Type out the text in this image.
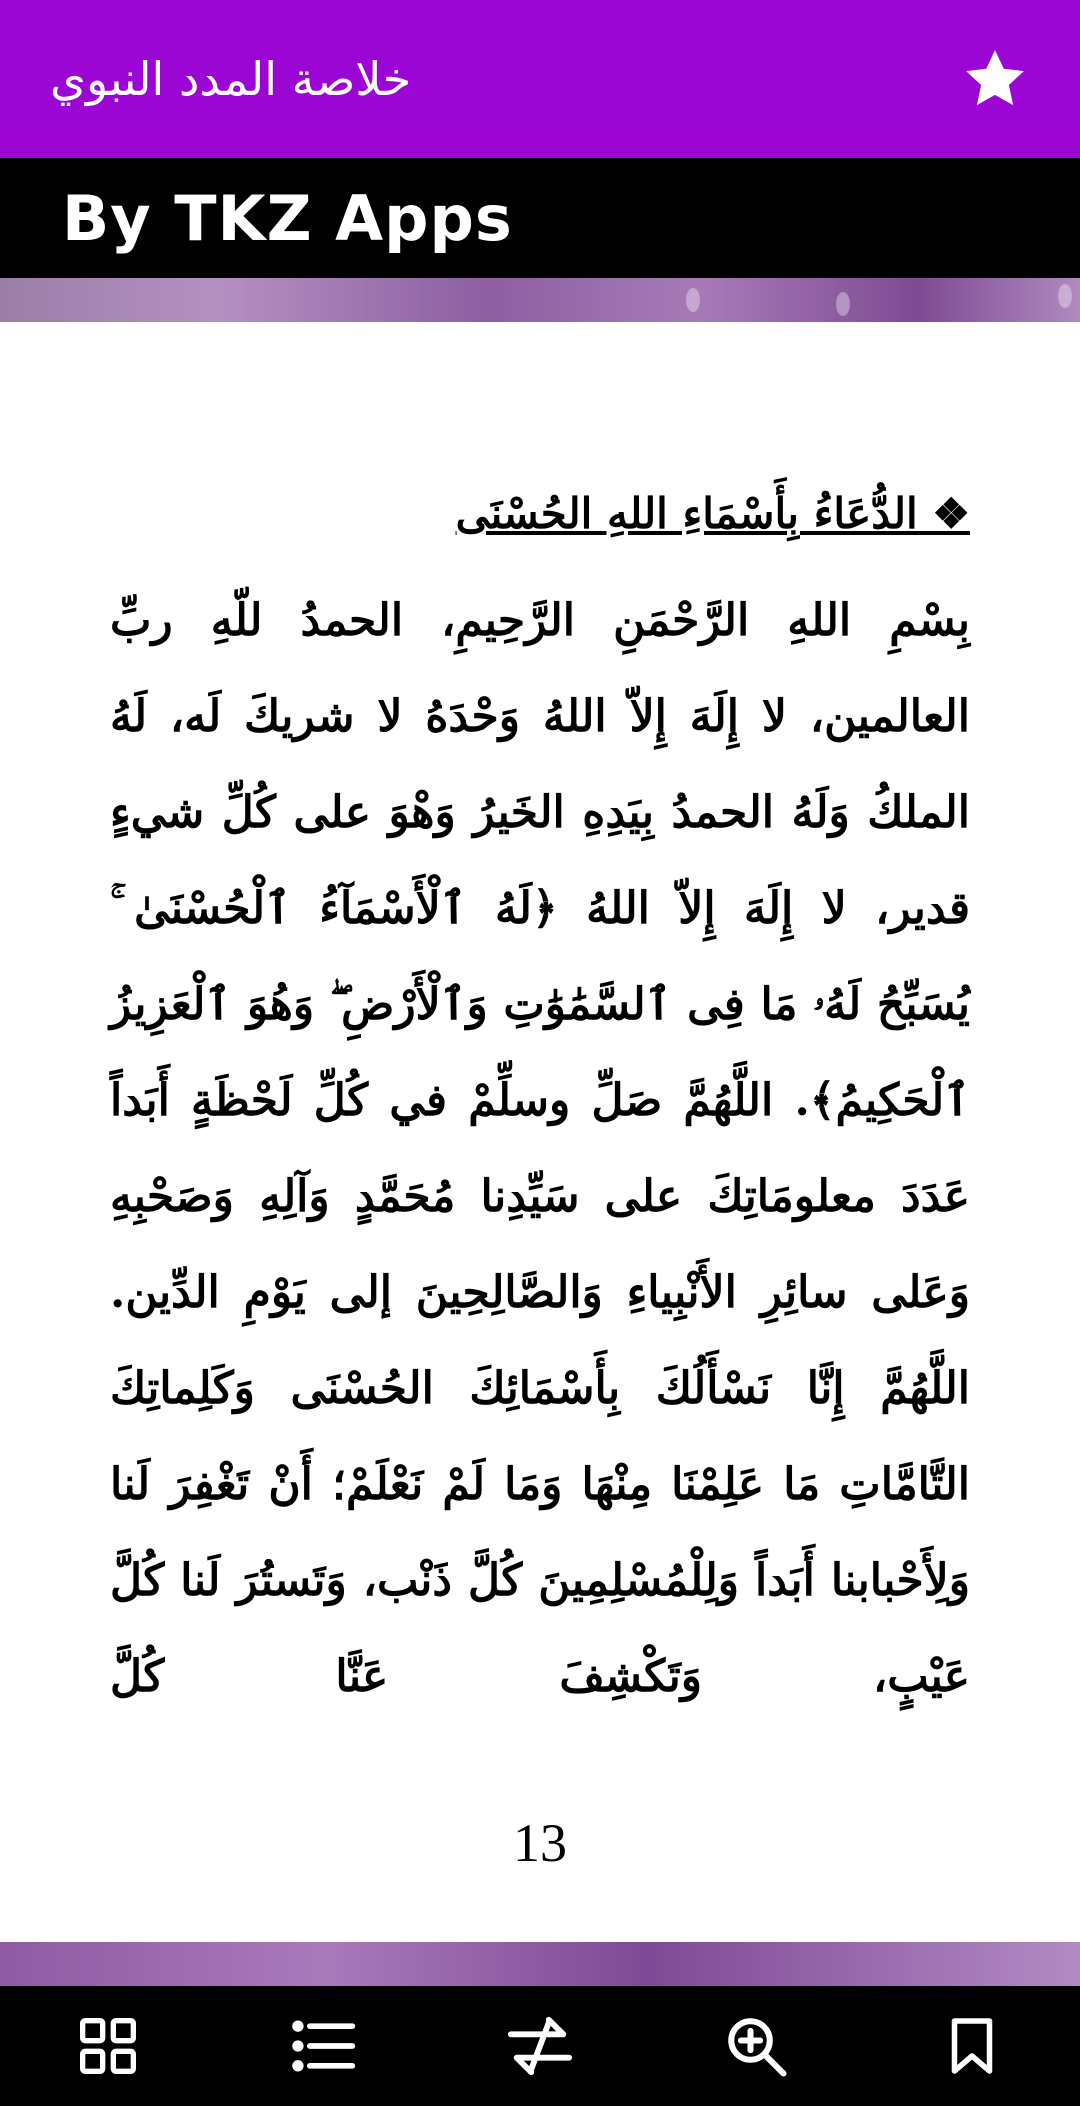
خلاصة المدد النبوي
By TKZ Apps
❖ الدُّعَاءُ بِأَسْمَاءِ اللهِ الحُسْنَى

بِسْمِ اللهِ الرَّحْمَنِ الرَّحِيمِ، الحمدُ للّهِ ربِّ العالمين، لا إِلَهَ إِلاّ اللهُ وَحْدَهُ لا شريكَ لَه، لَهُ الملكُ وَلَهُ الحمدُ بِيَدِهِ الخَيرُ وَهْوَ على كُلِّ شيءٍ قدير، لا إِلَهَ إِلاّ اللهُ ﴿لَهُ ٱلْأَسْمَآءُ ٱلْحُسْنَىٰ ۚ يُسَبِّحُ لَهُۥ مَا فِى ٱلسَّمَٰوَٰتِ وَٱلْأَرْضِ ۖ وَهُوَ ٱلْعَزِيزُ ٱلْحَكِيمُ﴾. اللَّهُمَّ صَلِّ وسلِّمْ في كُلِّ لَحْظَةٍ أَبَداً عَدَدَ معلومَاتِكَ على سَيِّدِنا مُحَمَّدٍ وَآلِهِ وَصَحْبِهِ وَعَلى سائِرِ الأَنْبِياءِ وَالصَّالِحِينَ إلى يَوْمِ الدِّين. اللَّهُمَّ إِنَّا نَسْأَلُكَ بِأَسْمَائِكَ الحُسْنَى وَكَلِماتِكَ التَّامَّاتِ مَا عَلِمْنَا مِنْهَا وَمَا لَمْ نَعْلَمْ؛ أَنْ تَغْفِرَ لَنا وَلِأَحْبابنا أَبَداً وَلِلْمُسْلِمِينَ كُلَّ ذَنْب، وَتَستُرَ لَنا كُلَّ عَيْبٍ، وَتَكْشِفَ عَنَّا كُلَّ

13
